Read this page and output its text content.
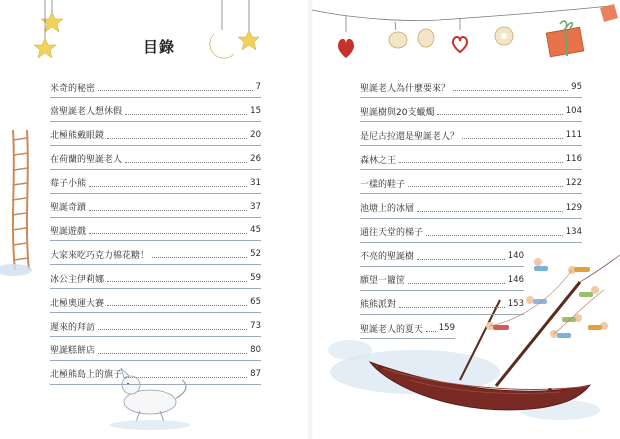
目錄
米奇的秘密	7
當聖誕老人想休假	15
北極熊戴眼鏡	20
在荷蘭的聖誕老人	26
莓子小熊	31
聖誕奇蹟	37
聖誕遊戲	45
大家來吃巧克力棉花糖！	52
冰公主伊莉娜	59
北極奧運大賽	65
遲來的拜訪	73
聖誕糕餅店	80
北極熊島上的旗子	87
聖誕老人為什麼要來？	95
聖誕樹與20支蠟燭	104
是尼古拉還是聖誕老人？	111
森林之王	116
一樣的鞋子	122
池塘上的冰層	129
通往天堂的梯子	134
不亮的聖誕樹	140
願望一籮筐	146
熊熊派對	153
聖誕老人的夏天 159
